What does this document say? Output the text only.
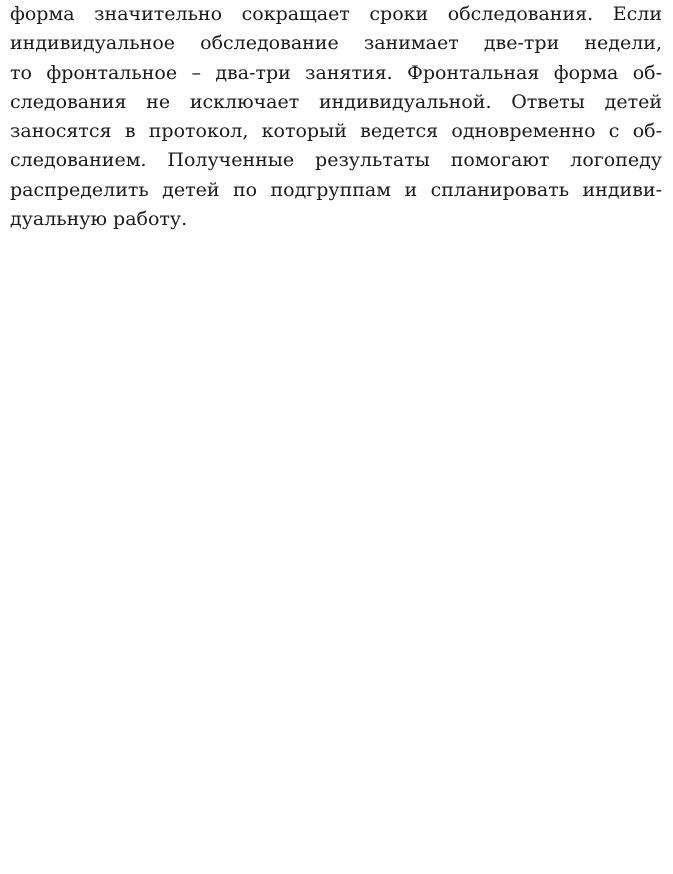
форма значительно сокращает сроки обследования. Если
индивидуальное обследование занимает две-три недели,
то фронтальное – два-три занятия. Фронтальная форма об-
следования не исключает индивидуальной. Ответы детей
заносятся в протокол, который ведется одновременно с об-
следованием. Полученные результаты помогают логопеду
распределить детей по подгруппам и спланировать индиви-
дуальную работу.
